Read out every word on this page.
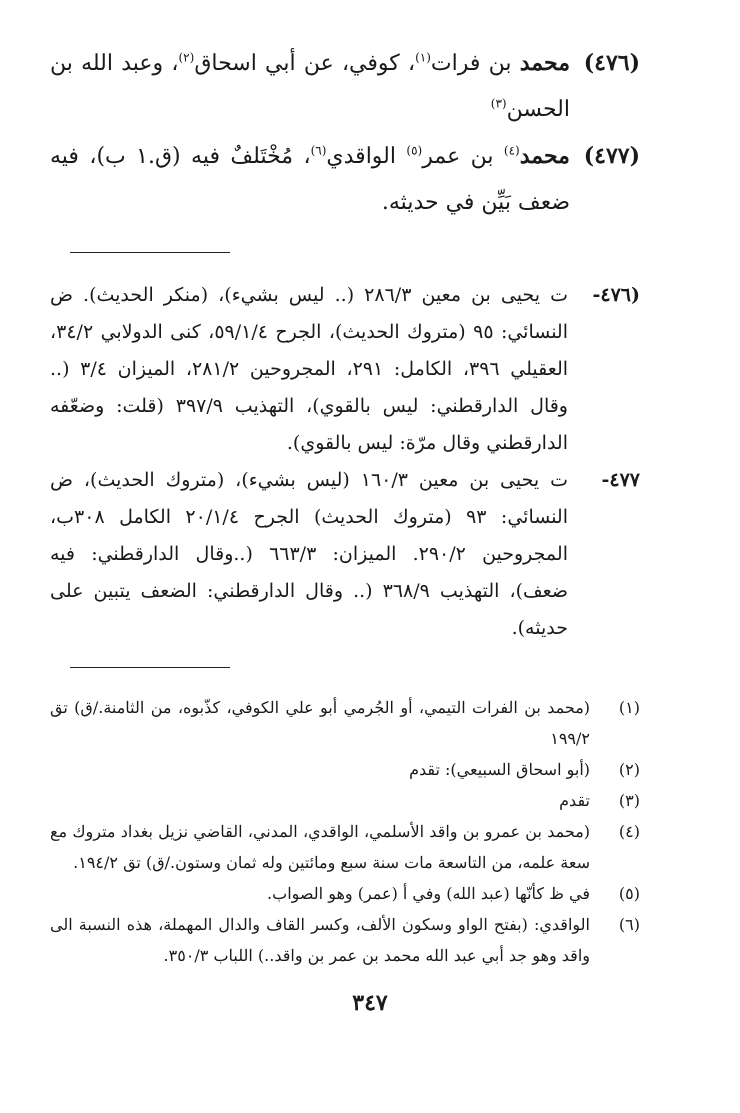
(٤٧٦)
محمد بن فرات$^{(١)}$، كوفي، عن أبي اسحاق$^{(٢)}$، وعبد الله بن الحسن$^{(٣)}$
(٤٧٧)
محمد$^{(٤)}$ بن عمر$^{(٥)}$ الواقدي$^{(٦)}$، مُخْتَلفٌ فيه (ق.١ ب)، فيه ضعف بَيِّن في حديثه.
(٤٧٦-
ت يحيى بن معين ٢٨٦/٣ (.. ليس بشيء)، (منكر الحديث). ض النسائي: ٩٥ (متروك الحديث)، الجرح ٥٩/١/٤، كنى الدولابي ٣٤/٢، العقيلي ٣٩٦، الكامل: ٢٩١، المجروحين ٢٨١/٢، الميزان ٣/٤ (.. وقال الدارقطني: ليس بالقوي)، التهذيب ٣٩٧/٩ (قلت: وضعّفه الدارقطني وقال مرّة: ليس بالقوي).
٤٧٧-
ت يحيى بن معين ١٦٠/٣ (ليس بشيء)، (متروك الحديث)، ض النسائي: ٩٣ (متروك الحديث) الجرح ٢٠/١/٤ الكامل ٣٠٨ب، المجروحين ٢٩٠/٢. الميزان: ٦٦٣/٣ (..وقال الدارقطني: فيه ضعف)، التهذيب ٣٦٨/٩ (.. وقال الدارقطني: الضعف يتبين على حديثه).
(١)
(محمد بن الفرات التيمي، أو الجُرمي أبو علي الكوفي، كذّبوه، من الثامنة./ق) تق ١٩٩/٢
(٢)
(أبو اسحاق السبيعي): تقدم
(٣)
تقدم
(٤)
(محمد بن عمرو بن واقد الأسلمي، الواقدي، المدني، القاضي نزيل بغداد متروك مع سعة علمه، من التاسعة مات سنة سبع ومائتين وله ثمان وستون./ق) تق ١٩٤/٢.
(٥)
في ظ كأنّها (عبد الله) وفي أ (عمر) وهو الصواب.
(٦)
الواقدي: (بفتح الواو وسكون الألف، وكسر القاف والدال المهملة، هذه النسبة الى واقد وهو جد أبي عبد الله محمد بن عمر بن واقد..) اللباب ٣٥٠/٣.
٣٤٧
